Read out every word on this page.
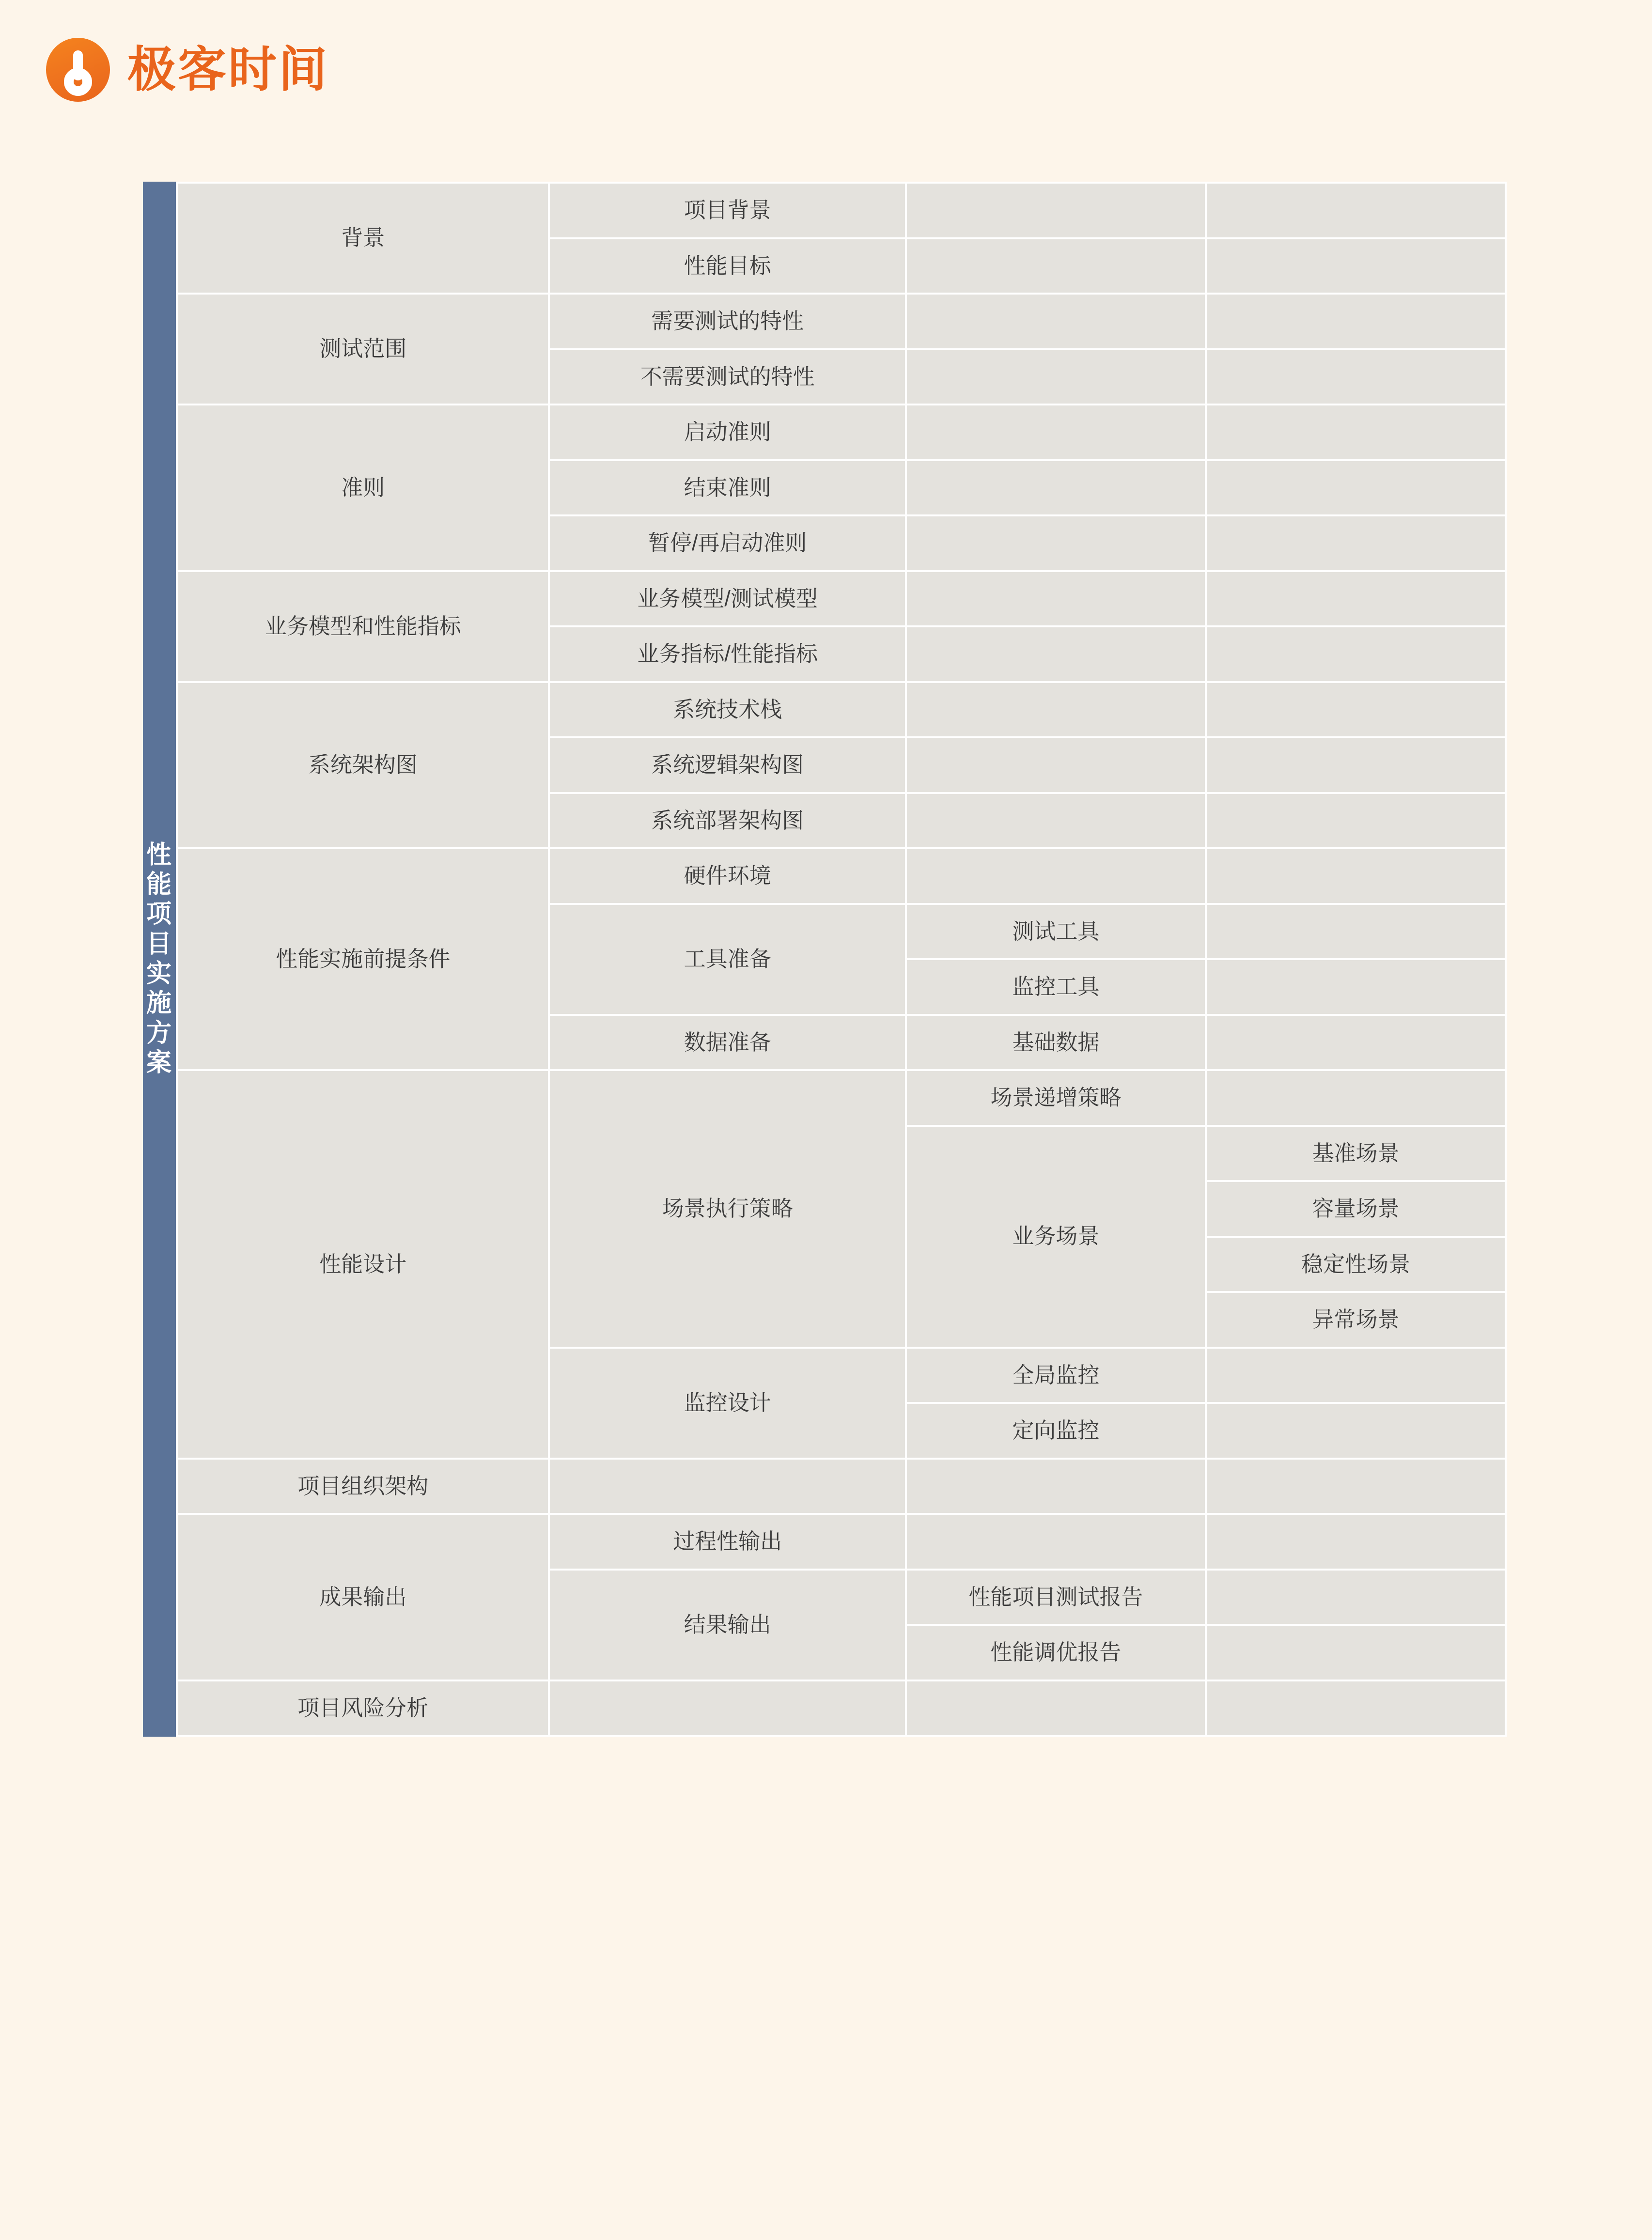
极客时间
性能项目实施方案
背景	项目背景		
	性能目标		
测试范围	需要测试的特性		
	不需要测试的特性		
准则	启动准则		
	结束准则		
	暂停/再启动准则		
业务模型和性能指标	业务模型/测试模型		
	业务指标/性能指标		
系统架构图	系统技术栈		
	系统逻辑架构图		
	系统部署架构图		
性能实施前提条件	硬件环境		
	工具准备	测试工具	
		监控工具	
	数据准备	基础数据	
性能设计	场景执行策略	场景递增策略	
		业务场景	基准场景
			容量场景
			稳定性场景
			异常场景
	监控设计	全局监控	
		定向监控	
项目组织架构			
成果输出	过程性输出		
	结果输出	性能项目测试报告	
		性能调优报告	
项目风险分析			
